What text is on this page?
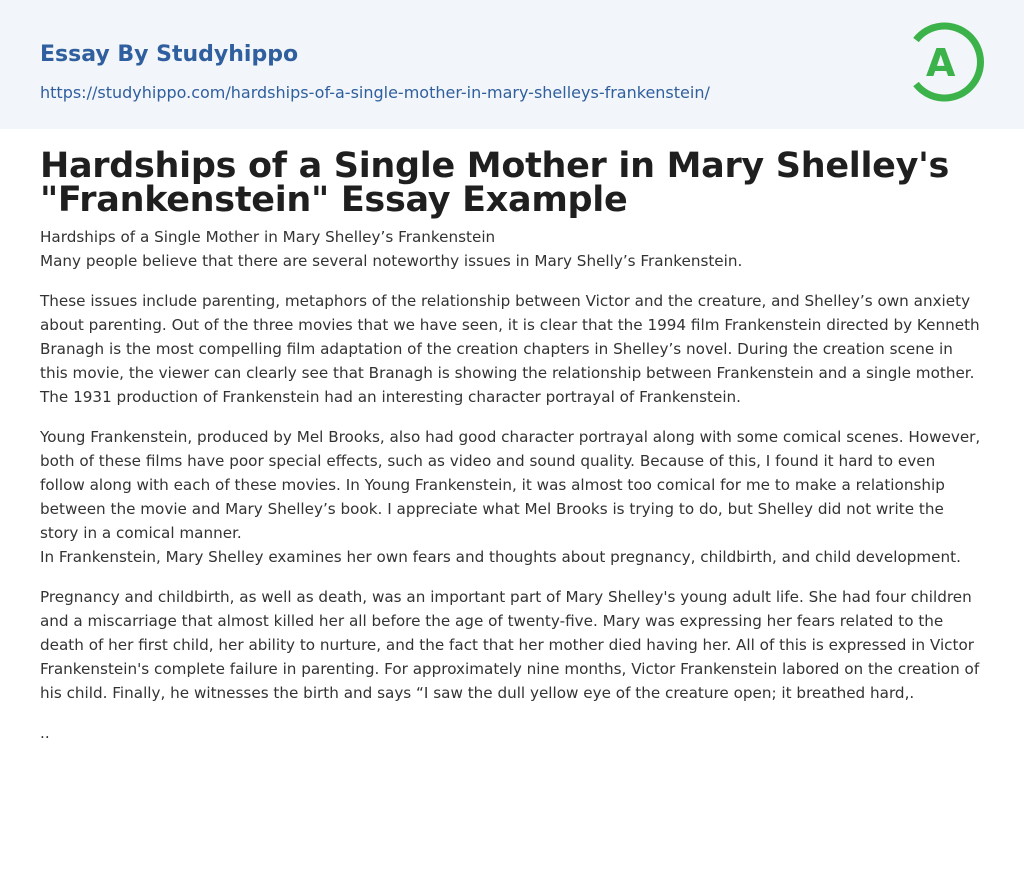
Essay By Studyhippo
https://studyhippo.com/hardships-of-a-single-mother-in-mary-shelleys-frankenstein/
A
Hardships of a Single Mother in Mary Shelley's "Frankenstein" Essay Example

Hardships of a Single Mother in Mary Shelley’s Frankenstein

Many people believe that there are several noteworthy issues in Mary Shelly’s Frankenstein.

These issues include parenting, metaphors of the relationship between Victor and the creature, and Shelley’s own anxiety about parenting. Out of the three movies that we have seen, it is clear that the 1994 film Frankenstein directed by Kenneth Branagh is the most compelling film adaptation of the creation chapters in Shelley’s novel. During the creation scene in this movie, the viewer can clearly see that Branagh is showing the relationship between Frankenstein and a single mother. The 1931 production of Frankenstein had an interesting character portrayal of Frankenstein.

Young Frankenstein, produced by Mel Brooks, also had good character portrayal along with some comical scenes. However, both of these films have poor special effects, such as video and sound quality. Because of this, I found it hard to even follow along with each of these movies. In Young Frankenstein, it was almost too comical for me to make a relationship between the movie and Mary Shelley’s book. I appreciate what Mel Brooks is trying to do, but Shelley did not write the story in a comical manner.

In Frankenstein, Mary Shelley examines her own fears and thoughts about pregnancy, childbirth, and child development.

Pregnancy and childbirth, as well as death, was an important part of Mary Shelley's young adult life. She had four children and a miscarriage that almost killed her all before the age of twenty-five. Mary was expressing her fears related to the death of her first child, her ability to nurture, and the fact that her mother died having her. All of this is expressed in Victor Frankenstein's complete failure in parenting. For approximately nine months, Victor Frankenstein labored on the creation of his child. Finally, he witnesses the birth and says “I saw the dull yellow eye of the creature open; it breathed hard,.

..
